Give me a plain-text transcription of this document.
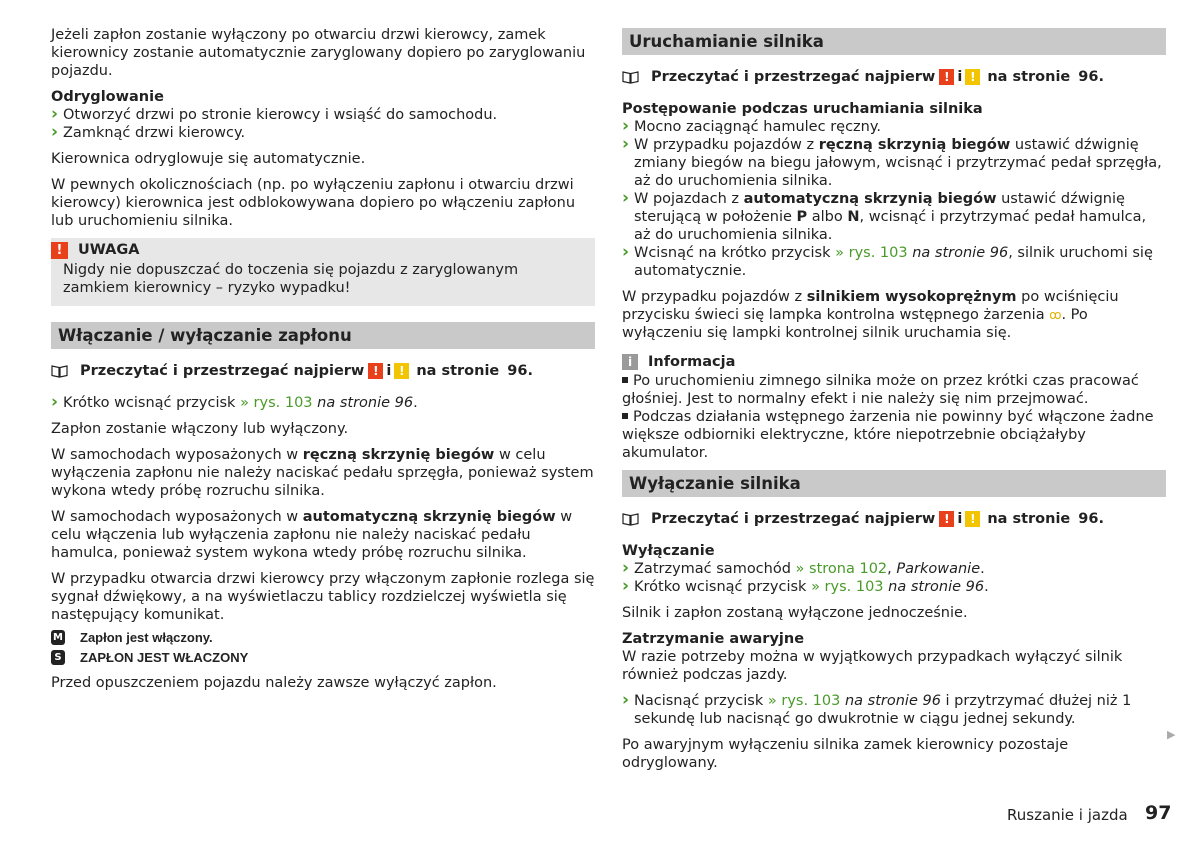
Jeżeli zapłon zostanie wyłączony po otwarciu drzwi kierowcy, zamek kierownicy zostanie automatycznie zaryglowany dopiero po zaryglowaniu pojazdu.

Odryglowanie
› Otworzyć drzwi po stronie kierowcy i wsiąść do samochodu.
› Zamknąć drzwi kierowcy.

Kierownica odryglowuje się automatycznie.

W pewnych okolicznościach (np. po wyłączeniu zapłonu i otwarciu drzwi kierowcy) kierownica jest odblokowywana dopiero po włączeniu zapłonu lub uruchomieniu silnika.

!	UWAGA
Nigdy nie dopuszczać do toczenia się pojazdu z zaryglowanym zamkiem kierownicy – ryzyko wypadku!
Włączanie / wyłączanie zapłonu
Przeczytać i przestrzegać najpierw ! i ! na stronie 96.
› Krótko wcisnąć przycisk » rys. 103 na stronie 96.

Zapłon zostanie włączony lub wyłączony.

W samochodach wyposażonych w ręczną skrzynię biegów w celu wyłączenia zapłonu nie należy naciskać pedału sprzęgła, ponieważ system wykona wtedy próbę rozruchu silnika.

W samochodach wyposażonych w automatyczną skrzynię biegów w celu włączenia lub wyłączenia zapłonu nie należy naciskać pedału hamulca, ponieważ system wykona wtedy próbę rozruchu silnika.

W przypadku otwarcia drzwi kierowcy przy włączonym zapłonie rozlega się sygnał dźwiękowy, a na wyświetlaczu tablicy rozdzielczej wyświetla się następujący komunikat.

M Zapłon jest włączony.
S ZAPŁON JEST WŁACZONY

Przed opuszczeniem pojazdu należy zawsze wyłączyć zapłon.

Uruchamianie silnika
Przeczytać i przestrzegać najpierw ! i ! na stronie 96.
Postępowanie podczas uruchamiania silnika
› Mocno zaciągnąć hamulec ręczny.
› W przypadku pojazdów z ręczną skrzynią biegów ustawić dźwignię zmiany biegów na biegu jałowym, wcisnąć i przytrzymać pedał sprzęgła, aż do uruchomienia silnika.
› W pojazdach z automatyczną skrzynią biegów ustawić dźwignię sterującą w położenie P albo N, wcisnąć i przytrzymać pedał hamulca, aż do uruchomienia silnika.
› Wcisnąć na krótko przycisk » rys. 103 na stronie 96, silnik uruchomi się automatycznie.

W przypadku pojazdów z silnikiem wysokoprężnym po wciśnięciu przycisku świeci się lampka kontrolna wstępnego żarzenia ꝏ. Po wyłączeniu się lampki kontrolnej silnik uruchamia się.

i	Informacja
Po uruchomieniu zimnego silnika może on przez krótki czas pracować głośniej. Jest to normalny efekt i nie należy się nim przejmować.
Podczas działania wstępnego żarzenia nie powinny być włączone żadne większe odbiorniki elektryczne, które niepotrzebnie obciążałyby akumulator.
Wyłączanie silnika
Przeczytać i przestrzegać najpierw ! i ! na stronie 96.
Wyłączanie
› Zatrzymać samochód » strona 102, Parkowanie.
› Krótko wcisnąć przycisk » rys. 103 na stronie 96.

Silnik i zapłon zostaną wyłączone jednocześnie.

Zatrzymanie awaryjne

W razie potrzeby można w wyjątkowych przypadkach wyłączyć silnik również podczas jazdy.

› Nacisnąć przycisk » rys. 103 na stronie 96 i przytrzymać dłużej niż 1 sekundę lub nacisnąć go dwukrotnie w ciągu jednej sekundy.

Po awaryjnym wyłączeniu silnika zamek kierownicy pozostaje odryglowany.

▶
Ruszanie i jazda 97
